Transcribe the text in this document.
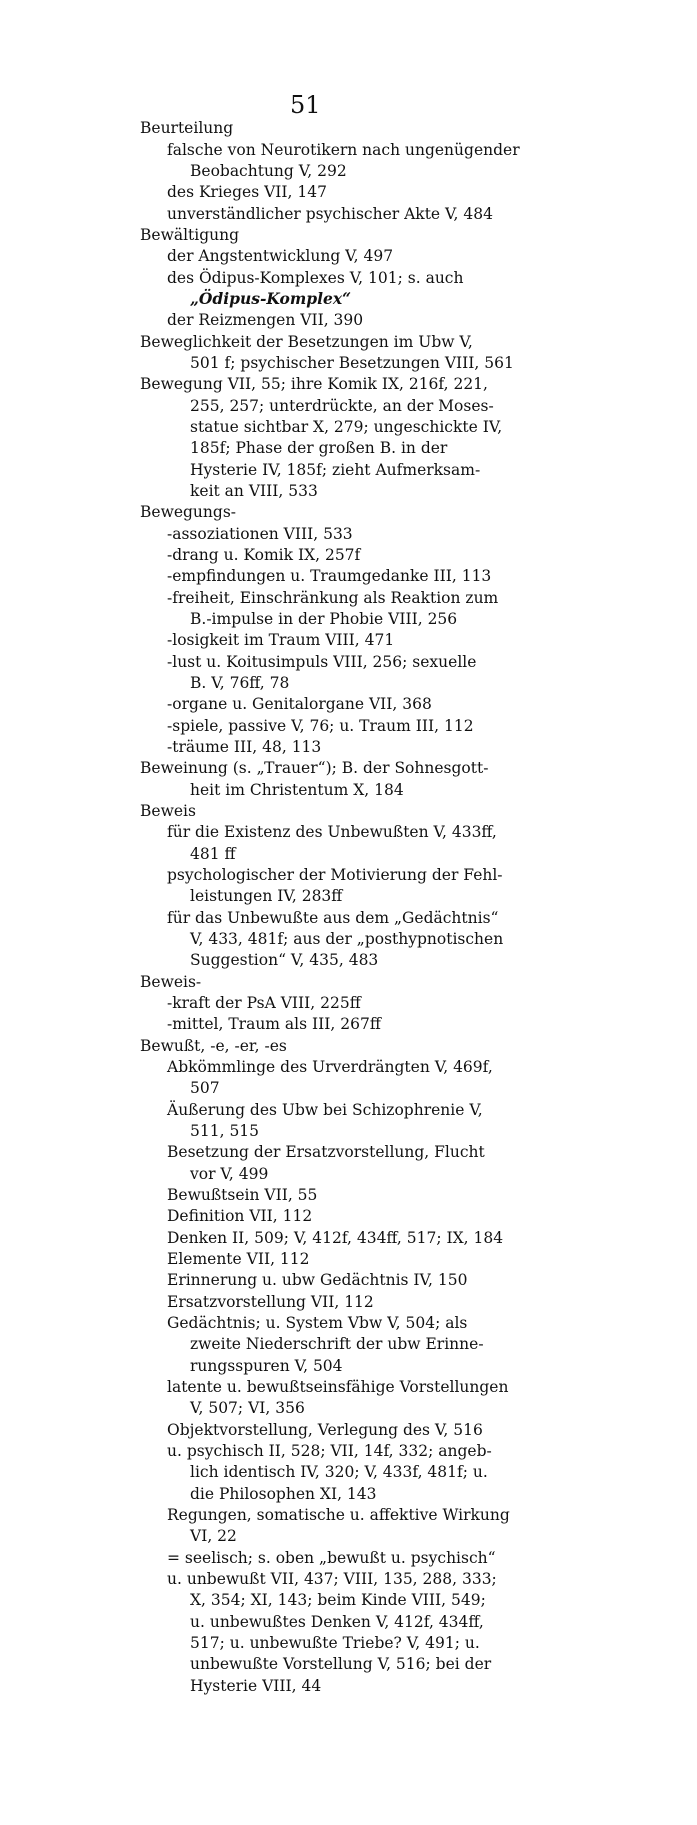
51
Beurteilung
falsche von Neurotikern nach ungenügender
Beobachtung V, 292
des Krieges VII, 147
unverständlicher psychischer Akte V, 484
Bewältigung
der Angstentwicklung V, 497
des Ödipus-Komplexes V, 101; s. auch
„Ödipus-Komplex“
der Reizmengen VII, 390
Beweglichkeit der Besetzungen im Ubw V,
501 f; psychischer Besetzungen VIII, 561
Bewegung VII, 55; ihre Komik IX, 216f, 221,
255, 257; unterdrückte, an der Moses-
statue sichtbar X, 279; ungeschickte IV,
185f; Phase der großen B. in der
Hysterie IV, 185f; zieht Aufmerksam-
keit an VIII, 533
Bewegungs-
-assoziationen VIII, 533
-drang u. Komik IX, 257f
-empfindungen u. Traumgedanke III, 113
-freiheit, Einschränkung als Reaktion zum
B.-impulse in der Phobie VIII, 256
-losigkeit im Traum VIII, 471
-lust u. Koitusimpuls VIII, 256; sexuelle
B. V, 76ff, 78
-organe u. Genitalorgane VII, 368
-spiele, passive V, 76; u. Traum III, 112
-träume III, 48, 113
Beweinung (s. „Trauer“); B. der Sohnesgott-
heit im Christentum X, 184
Beweis
für die Existenz des Unbewußten V, 433ff,
481 ff
psychologischer der Motivierung der Fehl-
leistungen IV, 283ff
für das Unbewußte aus dem „Gedächtnis“
V, 433, 481f; aus der „posthypnotischen
Suggestion“ V, 435, 483
Beweis-
-kraft der PsA VIII, 225ff
-mittel, Traum als III, 267ff
Bewußt, -e, -er, -es
Abkömmlinge des Urverdrängten V, 469f,
507
Äußerung des Ubw bei Schizophrenie V,
511, 515
Besetzung der Ersatzvorstellung, Flucht
vor V, 499
Bewußtsein VII, 55
Definition VII, 112
Denken II, 509; V, 412f, 434ff, 517; IX, 184
Elemente VII, 112
Erinnerung u. ubw Gedächtnis IV, 150
Ersatzvorstellung VII, 112
Gedächtnis; u. System Vbw V, 504; als
zweite Niederschrift der ubw Erinne-
rungsspuren V, 504
latente u. bewußtseinsfähige Vorstellungen
V, 507; VI, 356
Objektvorstellung, Verlegung des V, 516
u. psychisch II, 528; VII, 14f, 332; angeb-
lich identisch IV, 320; V, 433f, 481f; u.
die Philosophen XI, 143
Regungen, somatische u. affektive Wirkung
VI, 22
= seelisch; s. oben „bewußt u. psychisch“
u. unbewußt VII, 437; VIII, 135, 288, 333;
X, 354; XI, 143; beim Kinde VIII, 549;
u. unbewußtes Denken V, 412f, 434ff,
517; u. unbewußte Triebe? V, 491; u.
unbewußte Vorstellung V, 516; bei der
Hysterie VIII, 44
